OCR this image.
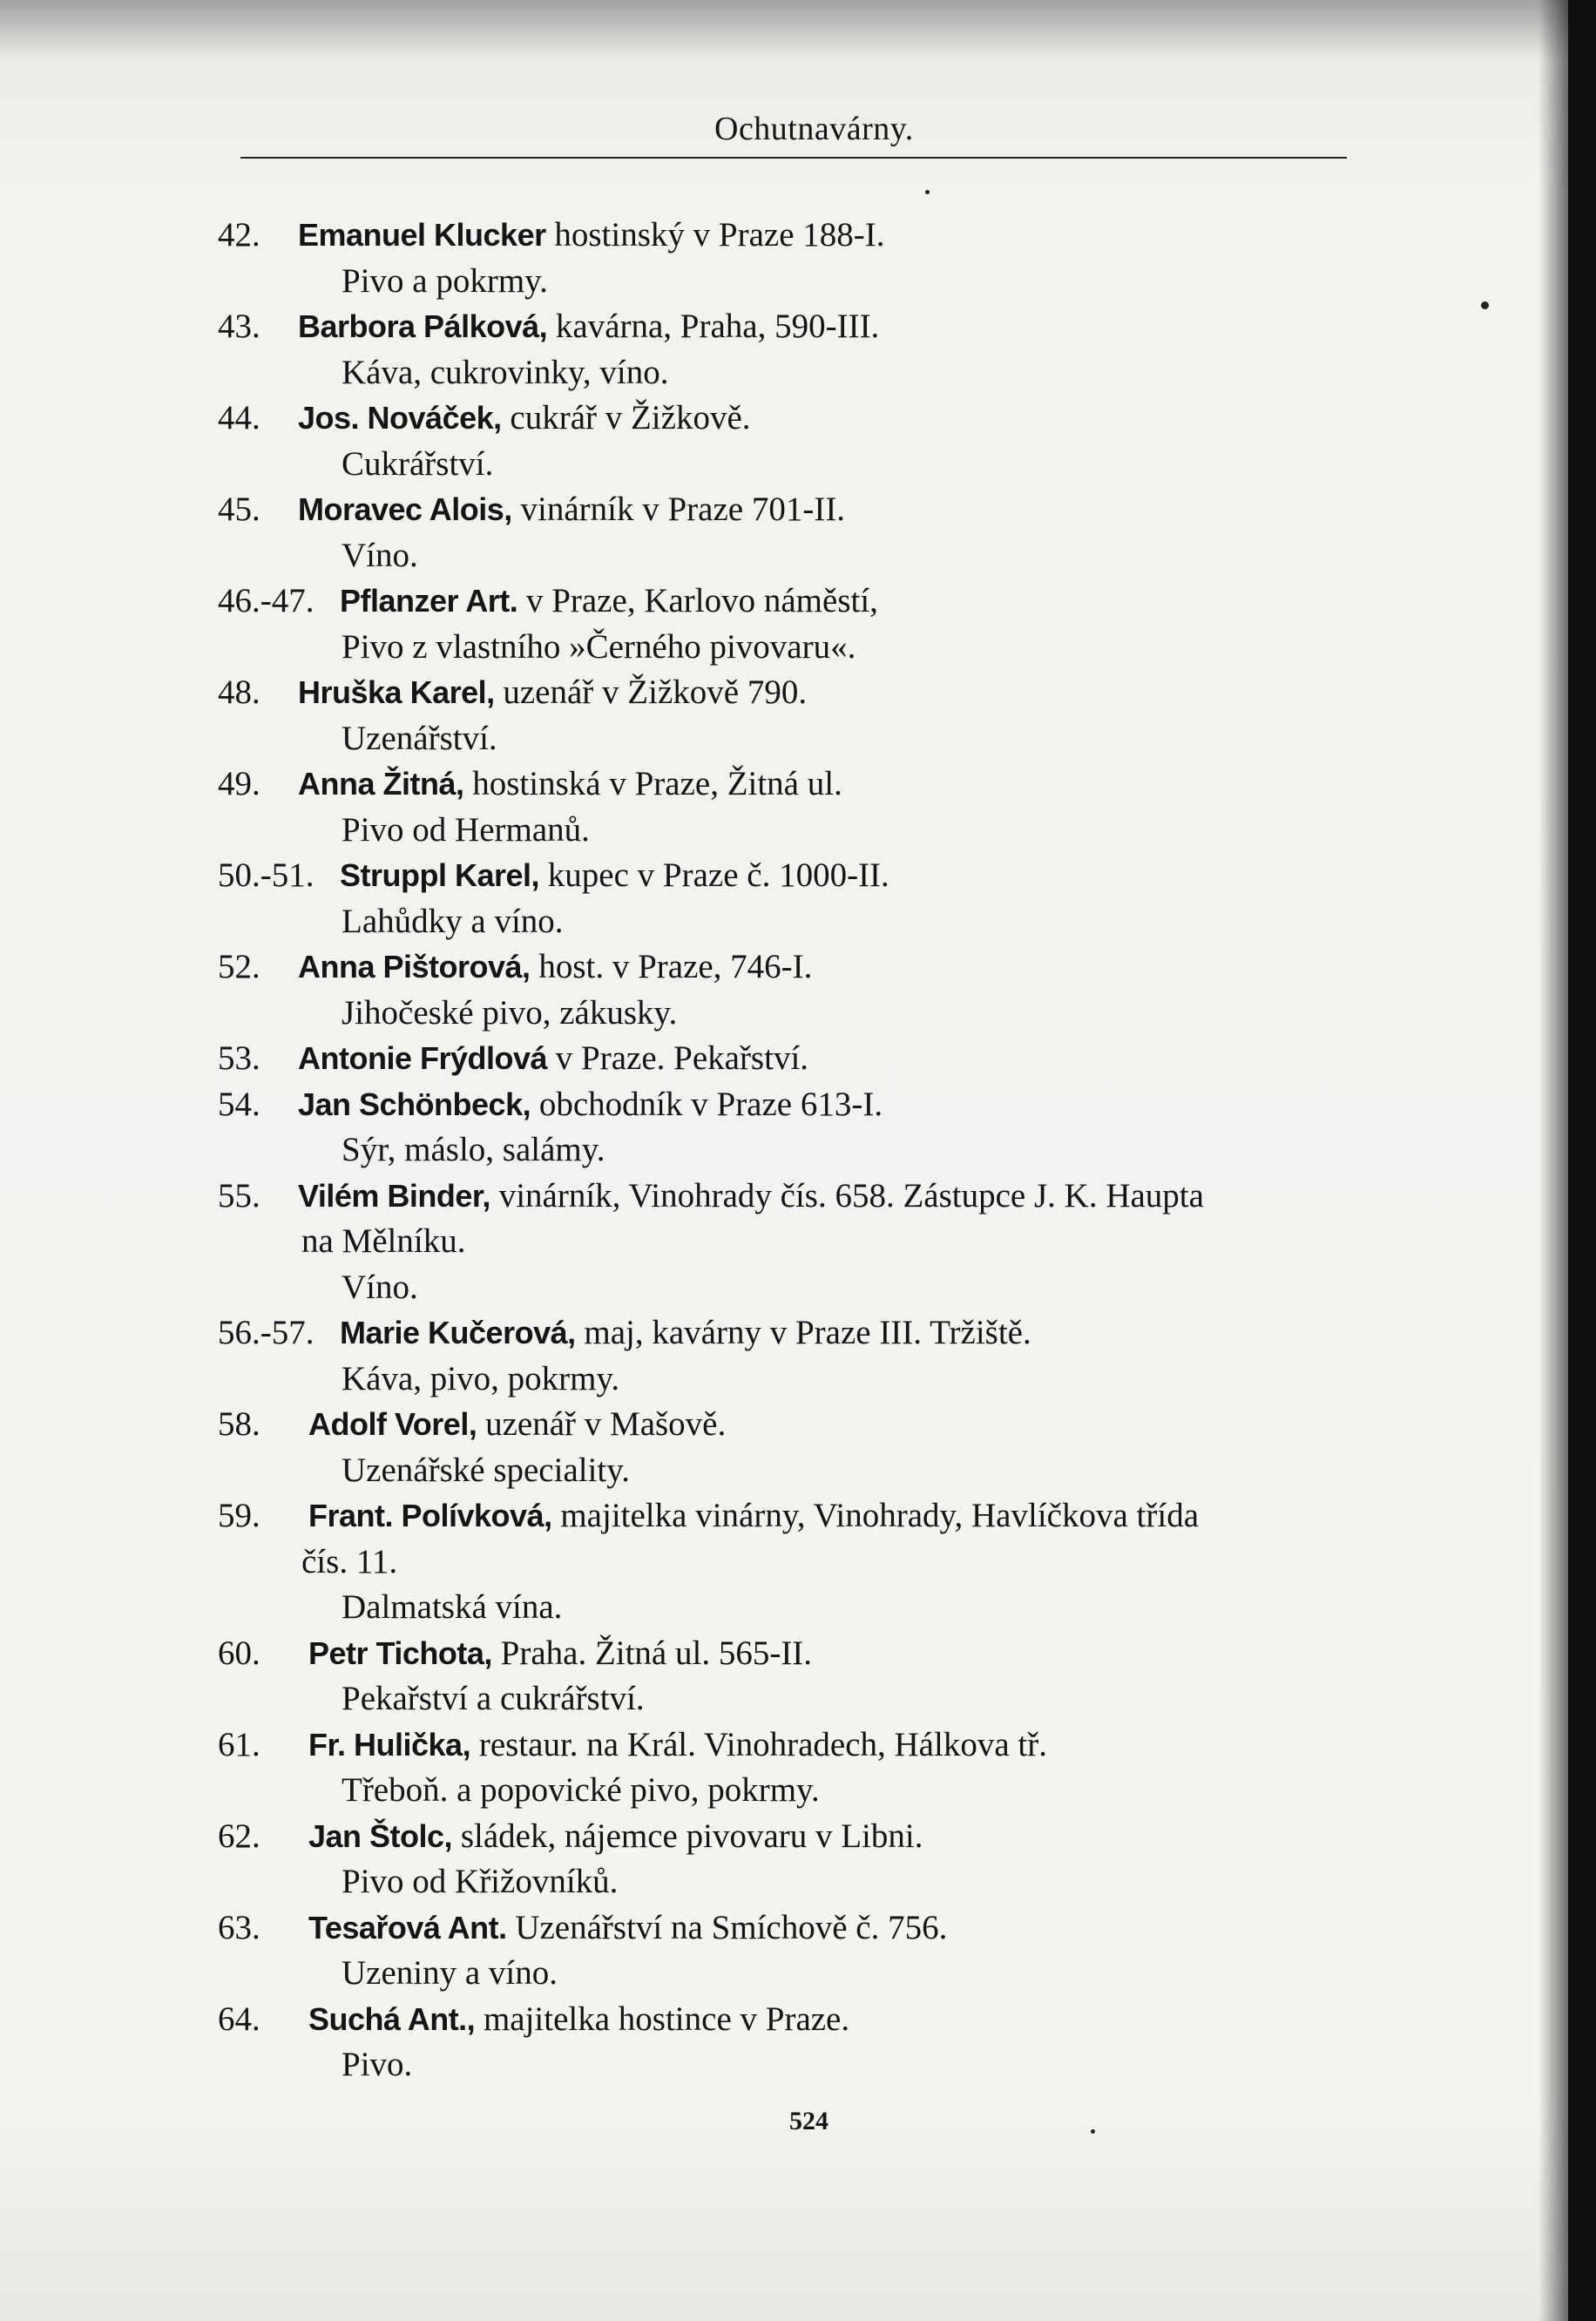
Ochutnavárny.
42. Emanuel Klucker hostinský v Praze 188-I.
Pivo a pokrmy.
43. Barbora Pálková, kavárna, Praha, 590-III.
Káva, cukrovinky, víno.
44. Jos. Nováček, cukrář v Žižkově.
Cukrářství.
45. Moravec Alois, vinárník v Praze 701-II.
Víno.
46.-47. Pflanzer Art. v Praze, Karlovo náměstí,
Pivo z vlastního »Černého pivovaru«.
48. Hruška Karel, uzenář v Žižkově 790.
Uzenářství.
49. Anna Žitná, hostinská v Praze, Žitná ul.
Pivo od Hermanů.
50.-51. Struppl Karel, kupec v Praze č. 1000-II.
Lahůdky a víno.
52. Anna Pištorová, host. v Praze, 746-I.
Jihočeské pivo, zákusky.
53. Antonie Frýdlová v Praze. Pekařství.
54. Jan Schönbeck, obchodník v Praze 613-I.
Sýr, máslo, salámy.
55. Vilém Binder, vinárník, Vinohrady čís. 658. Zástupce J. K. Haupta
na Mělníku.
Víno.
56.-57. Marie Kučerová, maj, kavárny v Praze III. Tržiště.
Káva, pivo, pokrmy.
58. Adolf Vorel, uzenář v Mašově.
Uzenářské speciality.
59. Frant. Polívková, majitelka vinárny, Vinohrady, Havlíčkova třída
čís. 11.
Dalmatská vína.
60. Petr Tichota, Praha. Žitná ul. 565-II.
Pekařství a cukrářství.
61. Fr. Hulička, restaur. na Král. Vinohradech, Hálkova tř.
Třeboň. a popovické pivo, pokrmy.
62. Jan Štolc, sládek, nájemce pivovaru v Libni.
Pivo od Křižovníků.
63. Tesařová Ant. Uzenářství na Smíchově č. 756.
Uzeniny a víno.
64. Suchá Ant., majitelka hostince v Praze.
Pivo.
524
